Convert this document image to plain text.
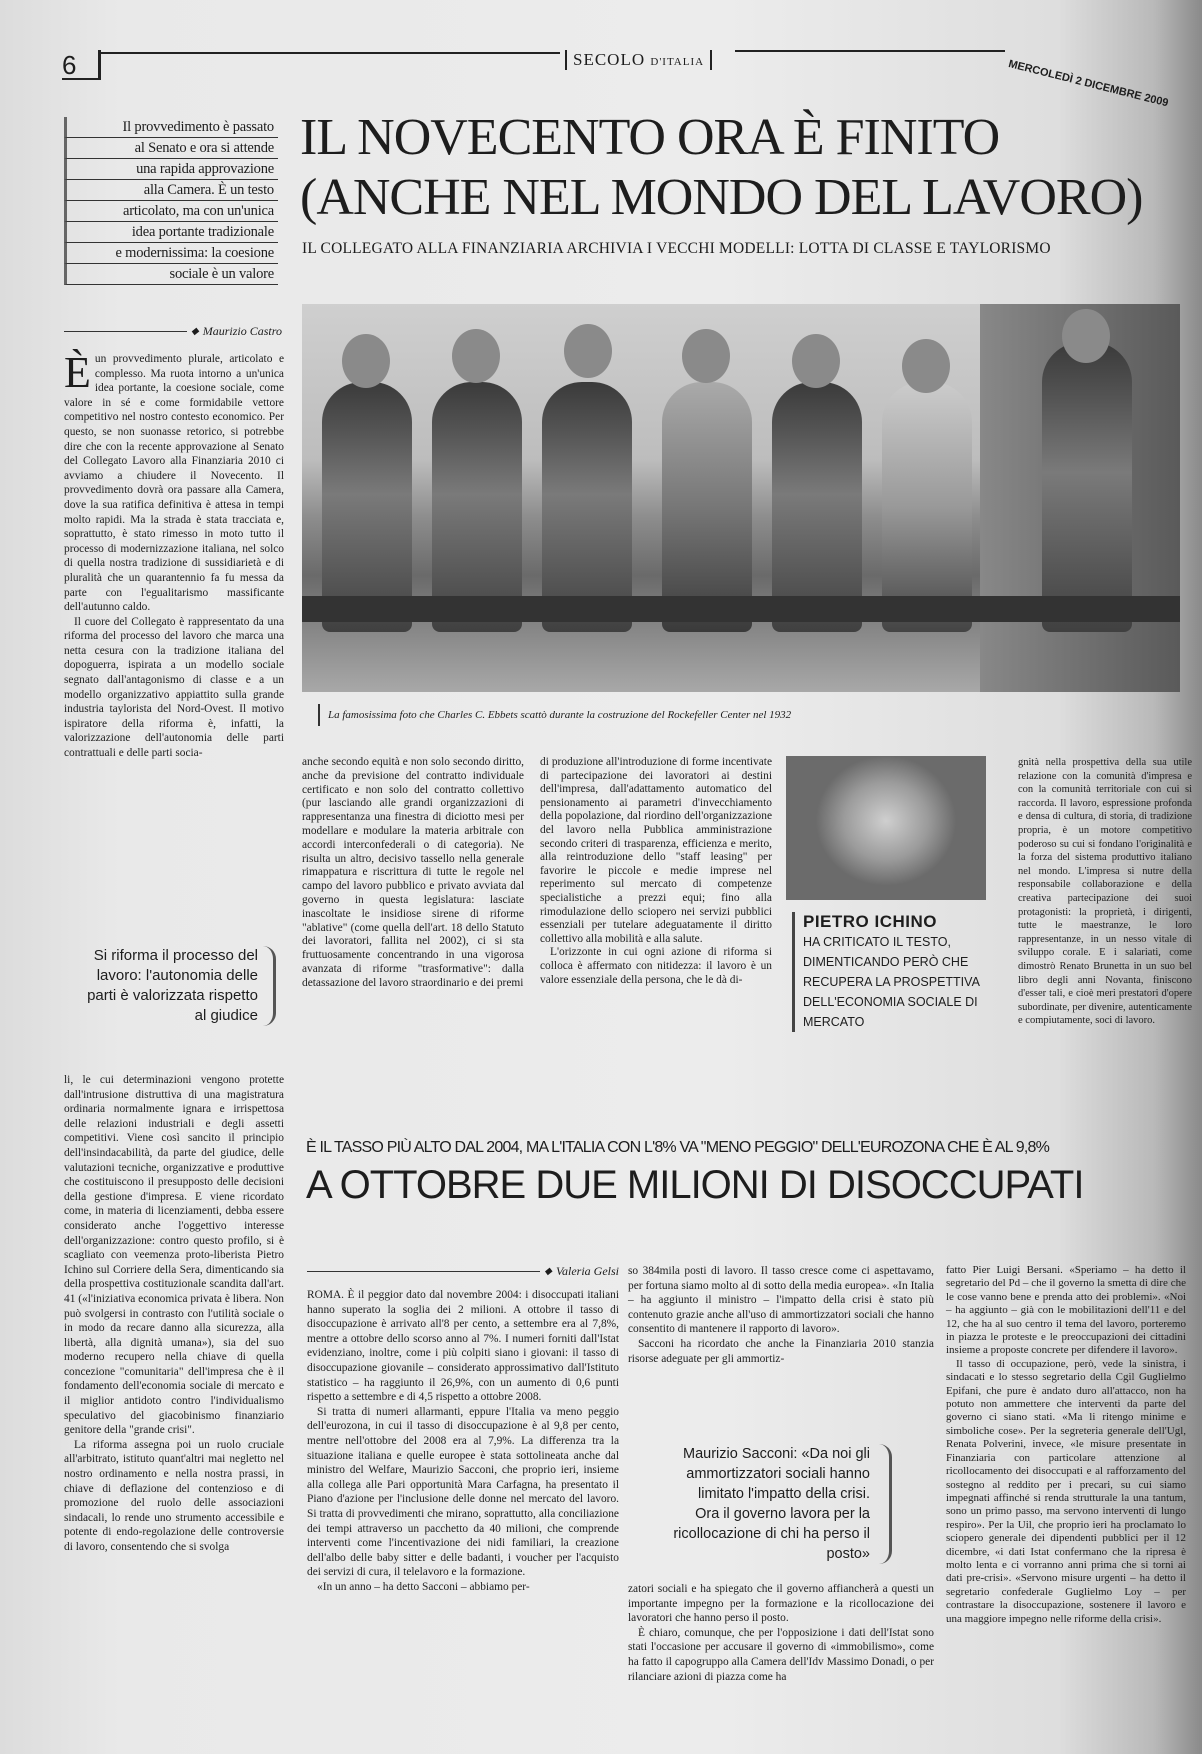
6	SECOLO D'ITALIA	MERCOLEDÌ 2 DICEMBRE 2009
Il provvedimento è passato
al Senato e ora si attende
una rapida approvazione
alla Camera. È un testo
articolato, ma con un'unica
idea portante tradizionale
e modernissima: la coesione
sociale è un valore
IL NOVECENTO ORA È FINITO
(ANCHE NEL MONDO DEL LAVORO)
IL COLLEGATO ALLA FINANZIARIA ARCHIVIA I VECCHI MODELLI: LOTTA DI CLASSE E TAYLORISMO
◆ Maurizio Castro
La famosissima foto che Charles C. Ebbets scattò durante la costruzione del Rockefeller Center nel 1932

È un provvedimento plurale, articolato e complesso. Ma ruota intorno a un'unica idea portante, la coesione sociale, come valore in sé e come formidabile vettore competitivo nel nostro contesto economico. Per questo, se non suonasse retorico, si potrebbe dire che con la recente approvazione al Senato del Collegato Lavoro alla Finanziaria 2010 ci avviamo a chiudere il Novecento. Il provvedimento dovrà ora passare alla Camera, dove la sua ratifica definitiva è attesa in tempi molto rapidi. Ma la strada è stata tracciata e, soprattutto, è stato rimesso in moto tutto il processo di modernizzazione italiana, nel solco di quella nostra tradizione di sussidiarietà e di pluralità che un quarantennio fa fu messa da parte con l'egualitarismo massificante dell'autunno caldo.

Il cuore del Collegato è rappresentato da una riforma del processo del lavoro che marca una netta cesura con la tradizione italiana del dopoguerra, ispirata a un modello sociale segnato dall'antagonismo di classe e a un modello organizzativo appiattito sulla grande industria taylorista del Nord-Ovest. Il motivo ispiratore della riforma è, infatti, la valorizzazione dell'autonomia delle parti contrattuali e delle parti socia-

Si riforma il processo del lavoro: l'autonomia delle parti è valorizzata rispetto al giudice

li, le cui determinazioni vengono protette dall'intrusione distruttiva di una magistratura ordinaria normalmente ignara e irrispettosa delle relazioni industriali e degli assetti competitivi. Viene così sancito il principio dell'insindacabilità, da parte del giudice, delle valutazioni tecniche, organizzative e produttive che costituiscono il presupposto delle decisioni della gestione d'impresa. E viene ricordato come, in materia di licenziamenti, debba essere considerato anche l'oggettivo interesse dell'organizzazione: contro questo profilo, si è scagliato con veemenza proto-liberista Pietro Ichino sul Corriere della Sera, dimenticando sia della prospettiva costituzionale scandita dall'art. 41 («l'iniziativa economica privata è libera. Non può svolgersi in contrasto con l'utilità sociale o in modo da recare danno alla sicurezza, alla libertà, alla dignità umana»), sia del suo moderno recupero nella chiave di quella concezione "comunitaria" dell'impresa che è il fondamento dell'economia sociale di mercato e il miglior antidoto contro l'individualismo speculativo del giacobinismo finanziario genitore della "grande crisi".

La riforma assegna poi un ruolo cruciale all'arbitrato, istituto quant'altri mai negletto nel nostro ordinamento e nella nostra prassi, in chiave di deflazione del contenzioso e di promozione del ruolo delle associazioni sindacali, lo rende uno strumento accessibile e potente di endo-regolazione delle controversie di lavoro, consentendo che si svolga

anche secondo equità e non solo secondo diritto, anche da previsione del contratto individuale certificato e non solo del contratto collettivo (pur lasciando alle grandi organizzazioni di rappresentanza una finestra di diciotto mesi per modellare e modulare la materia arbitrale con accordi interconfederali o di categoria). Ne risulta un altro, decisivo tassello nella generale rimappatura e riscrittura di tutte le regole nel campo del lavoro pubblico e privato avviata dal governo in questa legislatura: lasciate inascoltate le insidiose sirene di riforme "ablative" (come quella dell'art. 18 dello Statuto dei lavoratori, fallita nel 2002), ci si sta fruttuosamente concentrando in una vigorosa avanzata di riforme "trasformative": dalla detassazione del lavoro straordinario e dei premi

di produzione all'introduzione di forme incentivate di partecipazione dei lavoratori ai destini dell'impresa, dall'adattamento automatico del pensionamento ai parametri d'invecchiamento della popolazione, dal riordino dell'organizzazione del lavoro nella Pubblica amministrazione secondo criteri di trasparenza, efficienza e merito, alla reintroduzione dello "staff leasing" per favorire le piccole e medie imprese nel reperimento sul mercato di competenze specialistiche a prezzi equi; fino alla rimodulazione dello sciopero nei servizi pubblici essenziali per tutelare adeguatamente il diritto collettivo alla mobilità e alla salute.

L'orizzonte in cui ogni azione di riforma si colloca è affermato con nitidezza: il lavoro è un valore essenziale della persona, che le dà di-

PIETRO ICHINO
HA CRITICATO IL TESTO, DIMENTICANDO PERÒ CHE RECUPERA LA PROSPETTIVA DELL'ECONOMIA SOCIALE DI MERCATO

gnità nella prospettiva della sua utile relazione con la comunità d'impresa e con la comunità territoriale con cui si raccorda. Il lavoro, espressione profonda e densa di cultura, di storia, di tradizione propria, è un motore competitivo poderoso su cui si fondano l'originalità e la forza del sistema produttivo italiano nel mondo. L'impresa si nutre della responsabile collaborazione e della creativa partecipazione dei suoi protagonisti: la proprietà, i dirigenti, tutte le maestranze, le loro rappresentanze, in un nesso vitale di sviluppo corale. E i salariati, come dimostrò Renato Brunetta in un suo bel libro degli anni Novanta, finiscono d'esser tali, e cioè meri prestatori d'opere subordinate, per divenire, autenticamente e compiutamente, soci di lavoro.

È IL TASSO PIÙ ALTO DAL 2004, MA L'ITALIA CON L'8% VA "MENO PEGGIO" DELL'EUROZONA CHE È AL 9,8%
A OTTOBRE DUE MILIONI DI DISOCCUPATI
◆ Valeria Gelsi

ROMA. È il peggior dato dal novembre 2004: i disoccupati italiani hanno superato la soglia dei 2 milioni. A ottobre il tasso di disoccupazione è arrivato all'8 per cento, a settembre era al 7,8%, mentre a ottobre dello scorso anno al 7%. I numeri forniti dall'Istat evidenziano, inoltre, come i più colpiti siano i giovani: il tasso di disoccupazione giovanile – considerato approssimativo dall'Istituto statistico – ha raggiunto il 26,9%, con un aumento di 0,6 punti rispetto a settembre e di 4,5 rispetto a ottobre 2008.

Si tratta di numeri allarmanti, eppure l'Italia va meno peggio dell'eurozona, in cui il tasso di disoccupazione è al 9,8 per cento, mentre nell'ottobre del 2008 era al 7,9%. La differenza tra la situazione italiana e quelle europee è stata sottolineata anche dal ministro del Welfare, Maurizio Sacconi, che proprio ieri, insieme alla collega alle Pari opportunità Mara Carfagna, ha presentato il Piano d'azione per l'inclusione delle donne nel mercato del lavoro. Si tratta di provvedimenti che mirano, soprattutto, alla conciliazione dei tempi attraverso un pacchetto da 40 milioni, che comprende interventi come l'incentivazione dei nidi familiari, la creazione dell'albo delle baby sitter e delle badanti, i voucher per l'acquisto dei servizi di cura, il telelavoro e la formazione.

«In un anno – ha detto Sacconi – abbiamo per-

so 384mila posti di lavoro. Il tasso cresce come ci aspettavamo, per fortuna siamo molto al di sotto della media europea». «In Italia – ha aggiunto il ministro – l'impatto della crisi è stato più contenuto grazie anche all'uso di ammortizzatori sociali che hanno consentito di mantenere il rapporto di lavoro».

Sacconi ha ricordato che anche la Finanziaria 2010 stanzia risorse adeguate per gli ammortiz-

Maurizio Sacconi: «Da noi gli ammortizzatori sociali hanno limitato l'impatto della crisi. Ora il governo lavora per la ricollocazione di chi ha perso il posto»

zatori sociali e ha spiegato che il governo affiancherà a questi un importante impegno per la formazione e la ricollocazione dei lavoratori che hanno perso il posto.

È chiaro, comunque, che per l'opposizione i dati dell'Istat sono stati l'occasione per accusare il governo di «immobilismo», come ha fatto il capogruppo alla Camera dell'Idv Massimo Donadi, o per rilanciare azioni di piazza come ha

fatto Pier Luigi Bersani. «Speriamo – ha detto il segretario del Pd – che il governo la smetta di dire che le cose vanno bene e prenda atto dei problemi». «Noi – ha aggiunto – già con le mobilitazioni dell'11 e del 12, che ha al suo centro il tema del lavoro, porteremo in piazza le proteste e le preoccupazioni dei cittadini insieme a proposte concrete per difendere il lavoro».

Il tasso di occupazione, però, vede la sinistra, i sindacati e lo stesso segretario della Cgil Guglielmo Epifani, che pure è andato duro all'attacco, non ha potuto non ammettere che interventi da parte del governo ci siano stati. «Ma li ritengo minime e simboliche cose». Per la segreteria generale dell'Ugl, Renata Polverini, invece, «le misure presentate in Finanziaria con particolare attenzione al ricollocamento dei disoccupati e al rafforzamento del sostegno al reddito per i precari, su cui siamo impegnati affinché si renda strutturale la una tantum, sono un primo passo, ma servono interventi di lungo respiro». Per la Uil, che proprio ieri ha proclamato lo sciopero generale dei dipendenti pubblici per il 12 dicembre, «i dati Istat confermano che la ripresa è molto lenta e ci vorranno anni prima che si torni ai dati pre-crisi». «Servono misure urgenti – ha detto il segretario confederale Guglielmo Loy – per contrastare la disoccupazione, sostenere il lavoro e una maggiore impegno nelle riforme della crisi».
